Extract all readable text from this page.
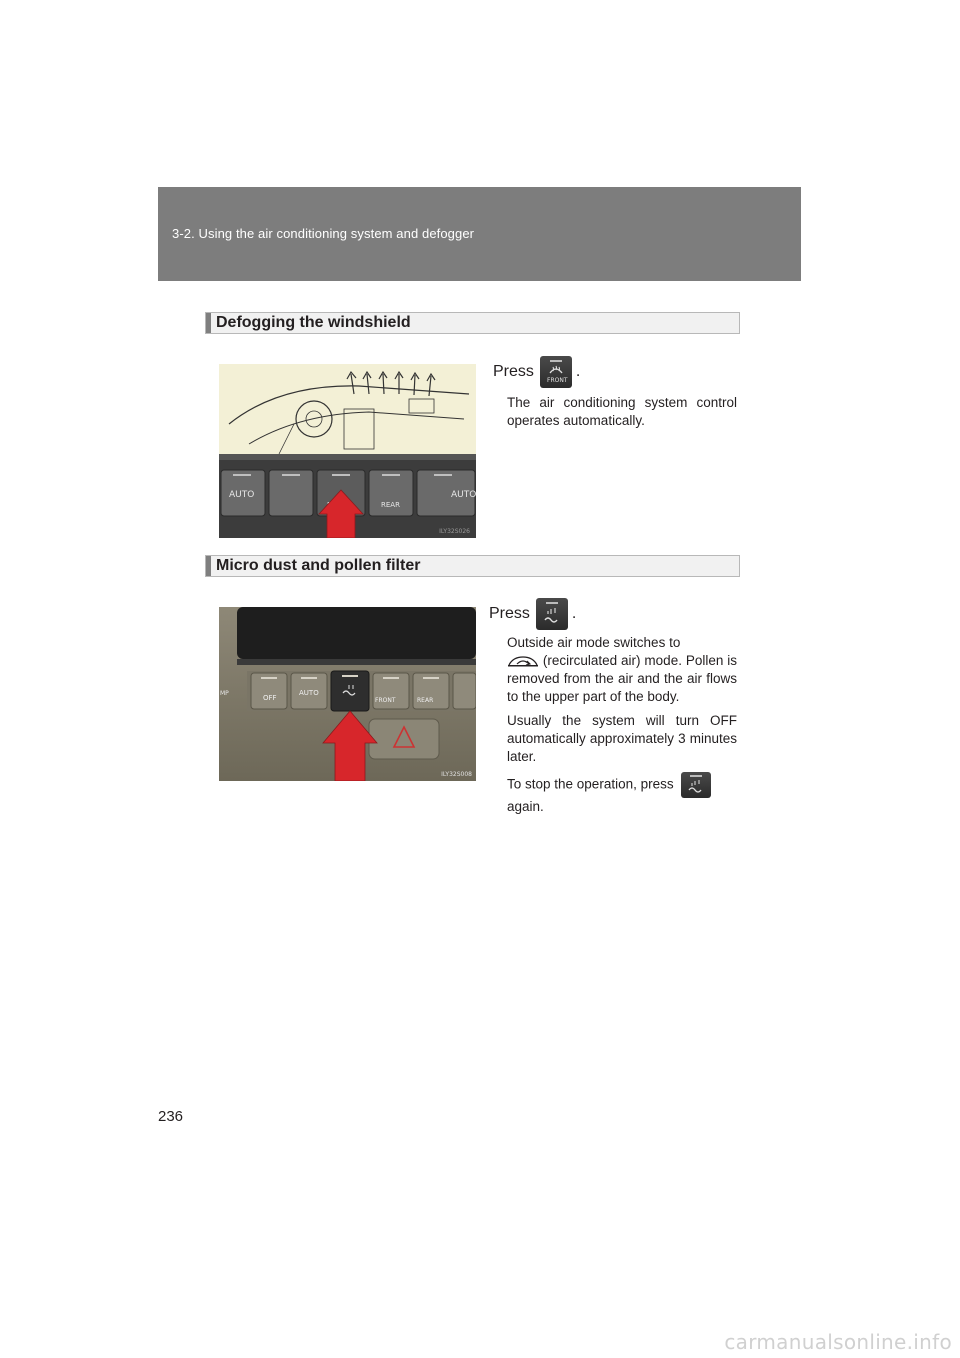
3-2. Using the air conditioning system and defogger
Defogging the windshield
AUTO
REAR
AUTO
ILY32S026
Press
FRONT
.

The air conditioning system control operates automatically.

Micro dust and pollen filter
OFF
AUTO
FRONT	REAR
MP
ILY32S008
Press	.

Outside air mode switches to
(recirculated air) mode. Pollen is removed from the air and the air flows to the upper part of the body.

Usually the system will turn OFF automatically approximately 3 minutes later.

To stop the operation, press
again.

236
carmanualsonline.info
